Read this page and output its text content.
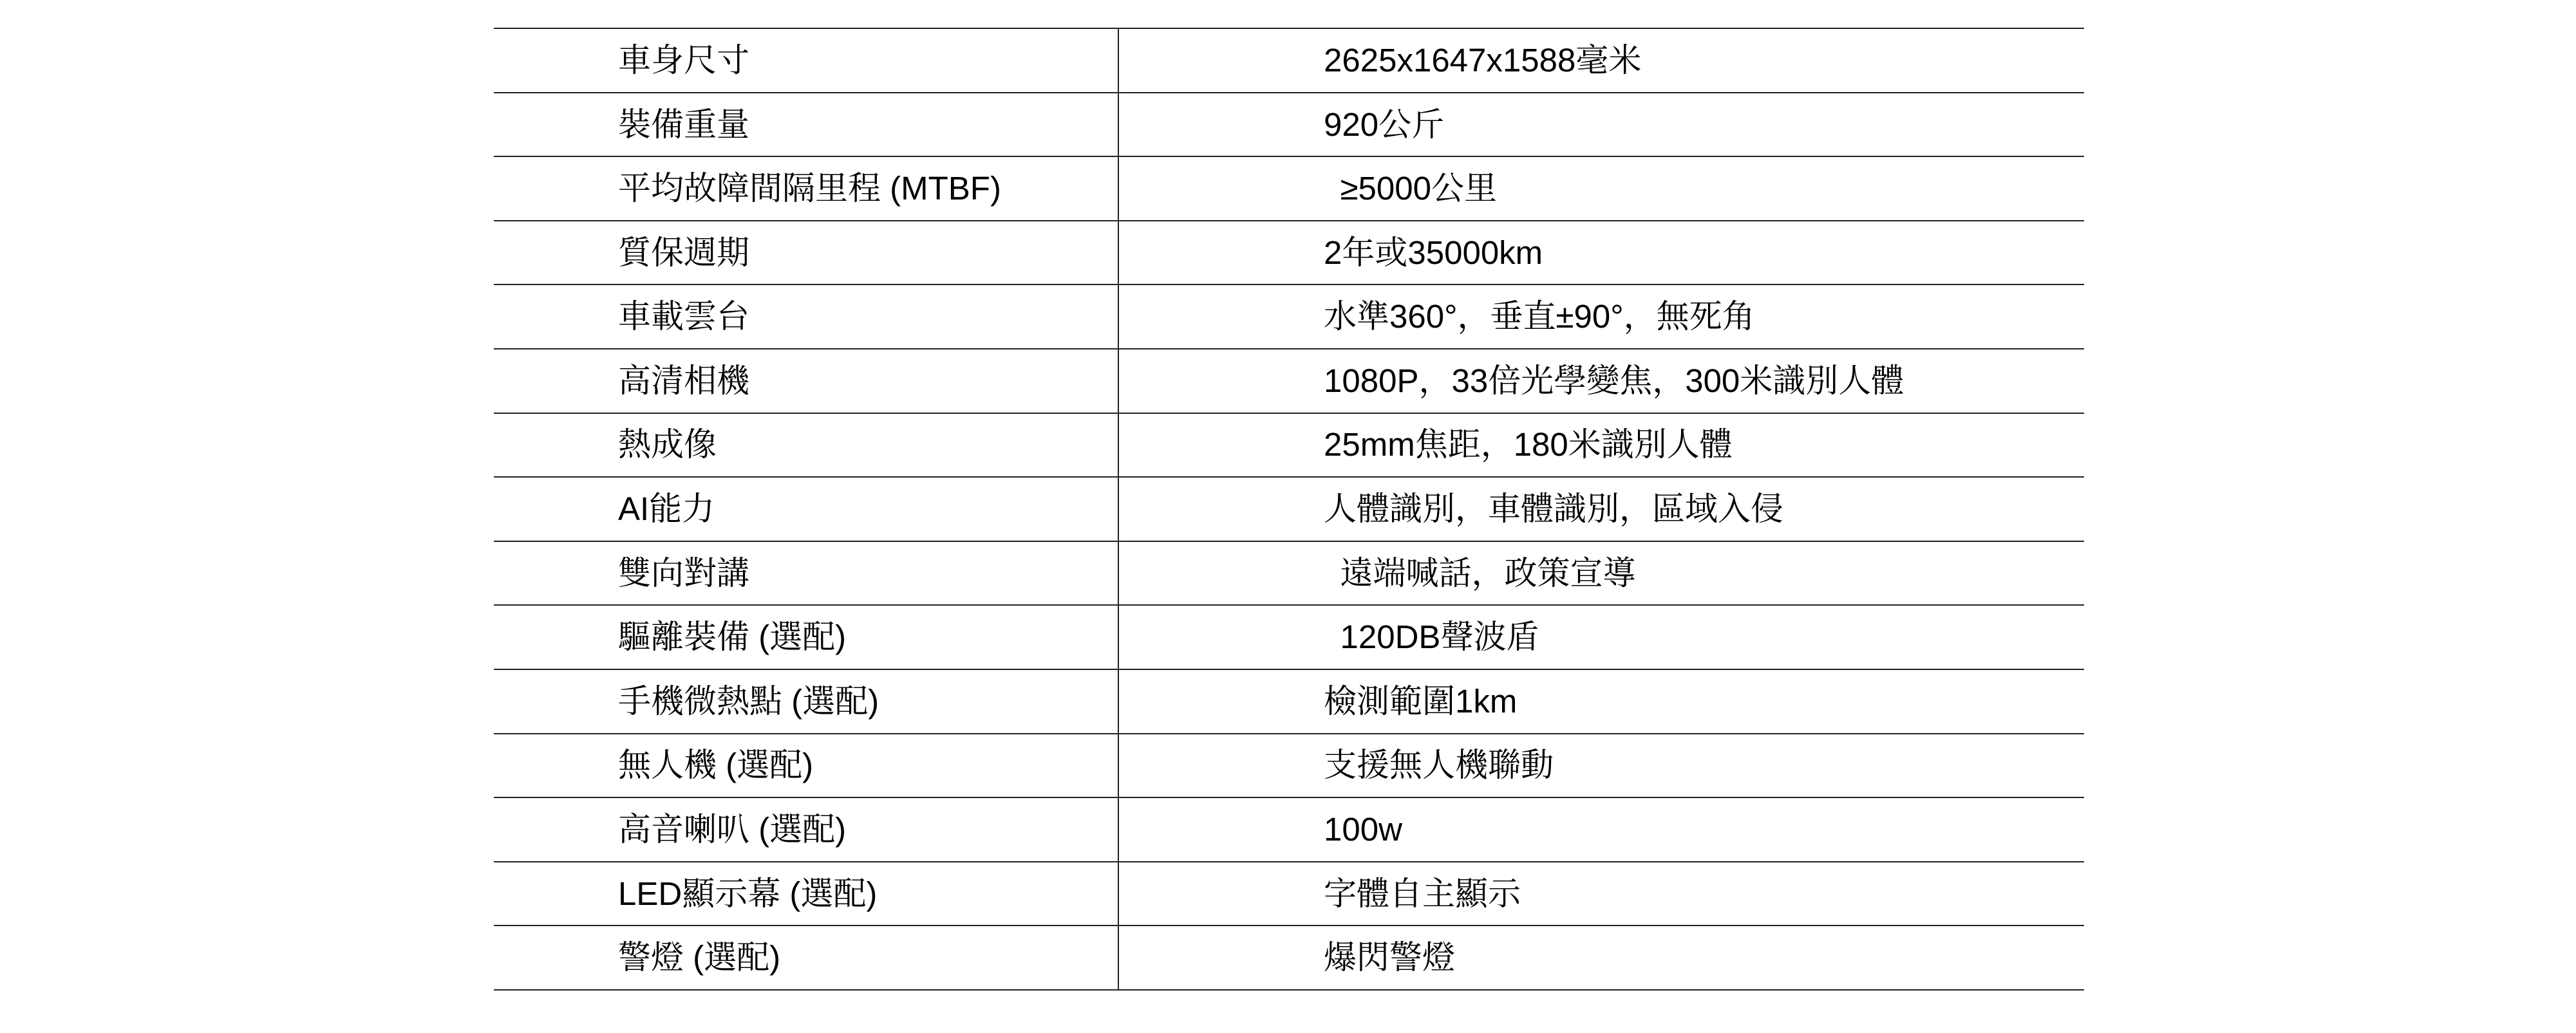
車身尺寸	2625x1647x1588毫米
裝備重量	920公斤
平均故障間隔里程 (MTBF)	 ≥5000公里
質保週期	2年或35000km
車載雲台	水準360°，垂直±90°，無死角
高清相機	1080P，33倍光學變焦，300米識別人體
熱成像	25mm焦距，180米識別人體
AI能力	人體識別，車體識別，區域入侵
雙向對講	 遠端喊話，政策宣導
驅離裝備 (選配)	 120DB聲波盾
手機微熱點 (選配)	檢測範圍1km
無人機 (選配)	支援無人機聯動
高音喇叭 (選配)	100w
LED顯示幕 (選配)	字體自主顯示
警燈 (選配)	爆閃警燈
